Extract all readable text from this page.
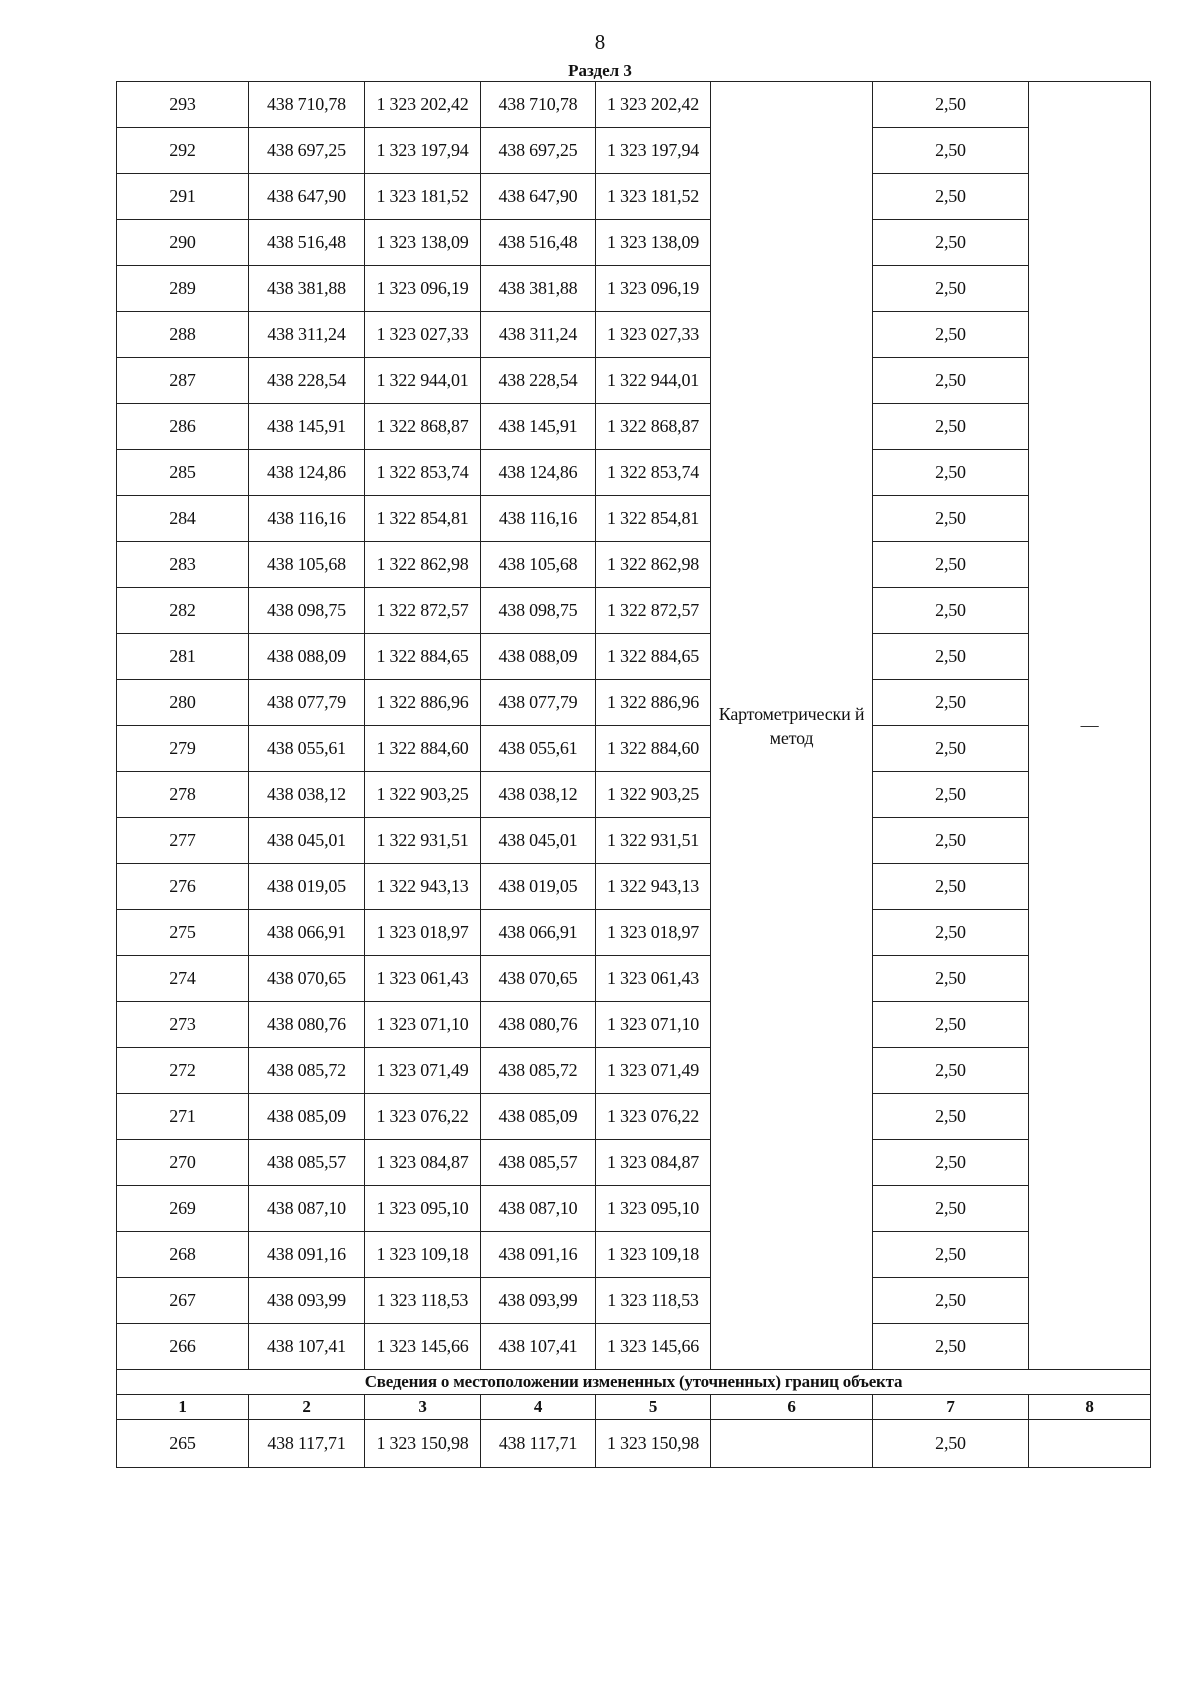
8
Раздел 3
293	438 710,78	1 323 202,42	438 710,78	1 323 202,42	Картометрически й метод	2,50	—
292	438 697,25	1 323 197,94	438 697,25	1 323 197,94		2,50	
291	438 647,90	1 323 181,52	438 647,90	1 323 181,52		2,50	
290	438 516,48	1 323 138,09	438 516,48	1 323 138,09		2,50	
289	438 381,88	1 323 096,19	438 381,88	1 323 096,19		2,50	
288	438 311,24	1 323 027,33	438 311,24	1 323 027,33		2,50	
287	438 228,54	1 322 944,01	438 228,54	1 322 944,01		2,50	
286	438 145,91	1 322 868,87	438 145,91	1 322 868,87		2,50	
285	438 124,86	1 322 853,74	438 124,86	1 322 853,74		2,50	
284	438 116,16	1 322 854,81	438 116,16	1 322 854,81		2,50	
283	438 105,68	1 322 862,98	438 105,68	1 322 862,98		2,50	
282	438 098,75	1 322 872,57	438 098,75	1 322 872,57		2,50	
281	438 088,09	1 322 884,65	438 088,09	1 322 884,65		2,50	
280	438 077,79	1 322 886,96	438 077,79	1 322 886,96		2,50	
279	438 055,61	1 322 884,60	438 055,61	1 322 884,60		2,50	
278	438 038,12	1 322 903,25	438 038,12	1 322 903,25		2,50	
277	438 045,01	1 322 931,51	438 045,01	1 322 931,51		2,50	
276	438 019,05	1 322 943,13	438 019,05	1 322 943,13		2,50	
275	438 066,91	1 323 018,97	438 066,91	1 323 018,97		2,50	
274	438 070,65	1 323 061,43	438 070,65	1 323 061,43		2,50	
273	438 080,76	1 323 071,10	438 080,76	1 323 071,10		2,50	
272	438 085,72	1 323 071,49	438 085,72	1 323 071,49		2,50	
271	438 085,09	1 323 076,22	438 085,09	1 323 076,22		2,50	
270	438 085,57	1 323 084,87	438 085,57	1 323 084,87		2,50	
269	438 087,10	1 323 095,10	438 087,10	1 323 095,10		2,50	
268	438 091,16	1 323 109,18	438 091,16	1 323 109,18		2,50	
267	438 093,99	1 323 118,53	438 093,99	1 323 118,53		2,50	
266	438 107,41	1 323 145,66	438 107,41	1 323 145,66		2,50	
Сведения о местоположении измененных (уточненных) границ объекта							
1	2	3	4	5	6	7	8
265	438 117,71	1 323 150,98	438 117,71	1 323 150,98		2,50	
